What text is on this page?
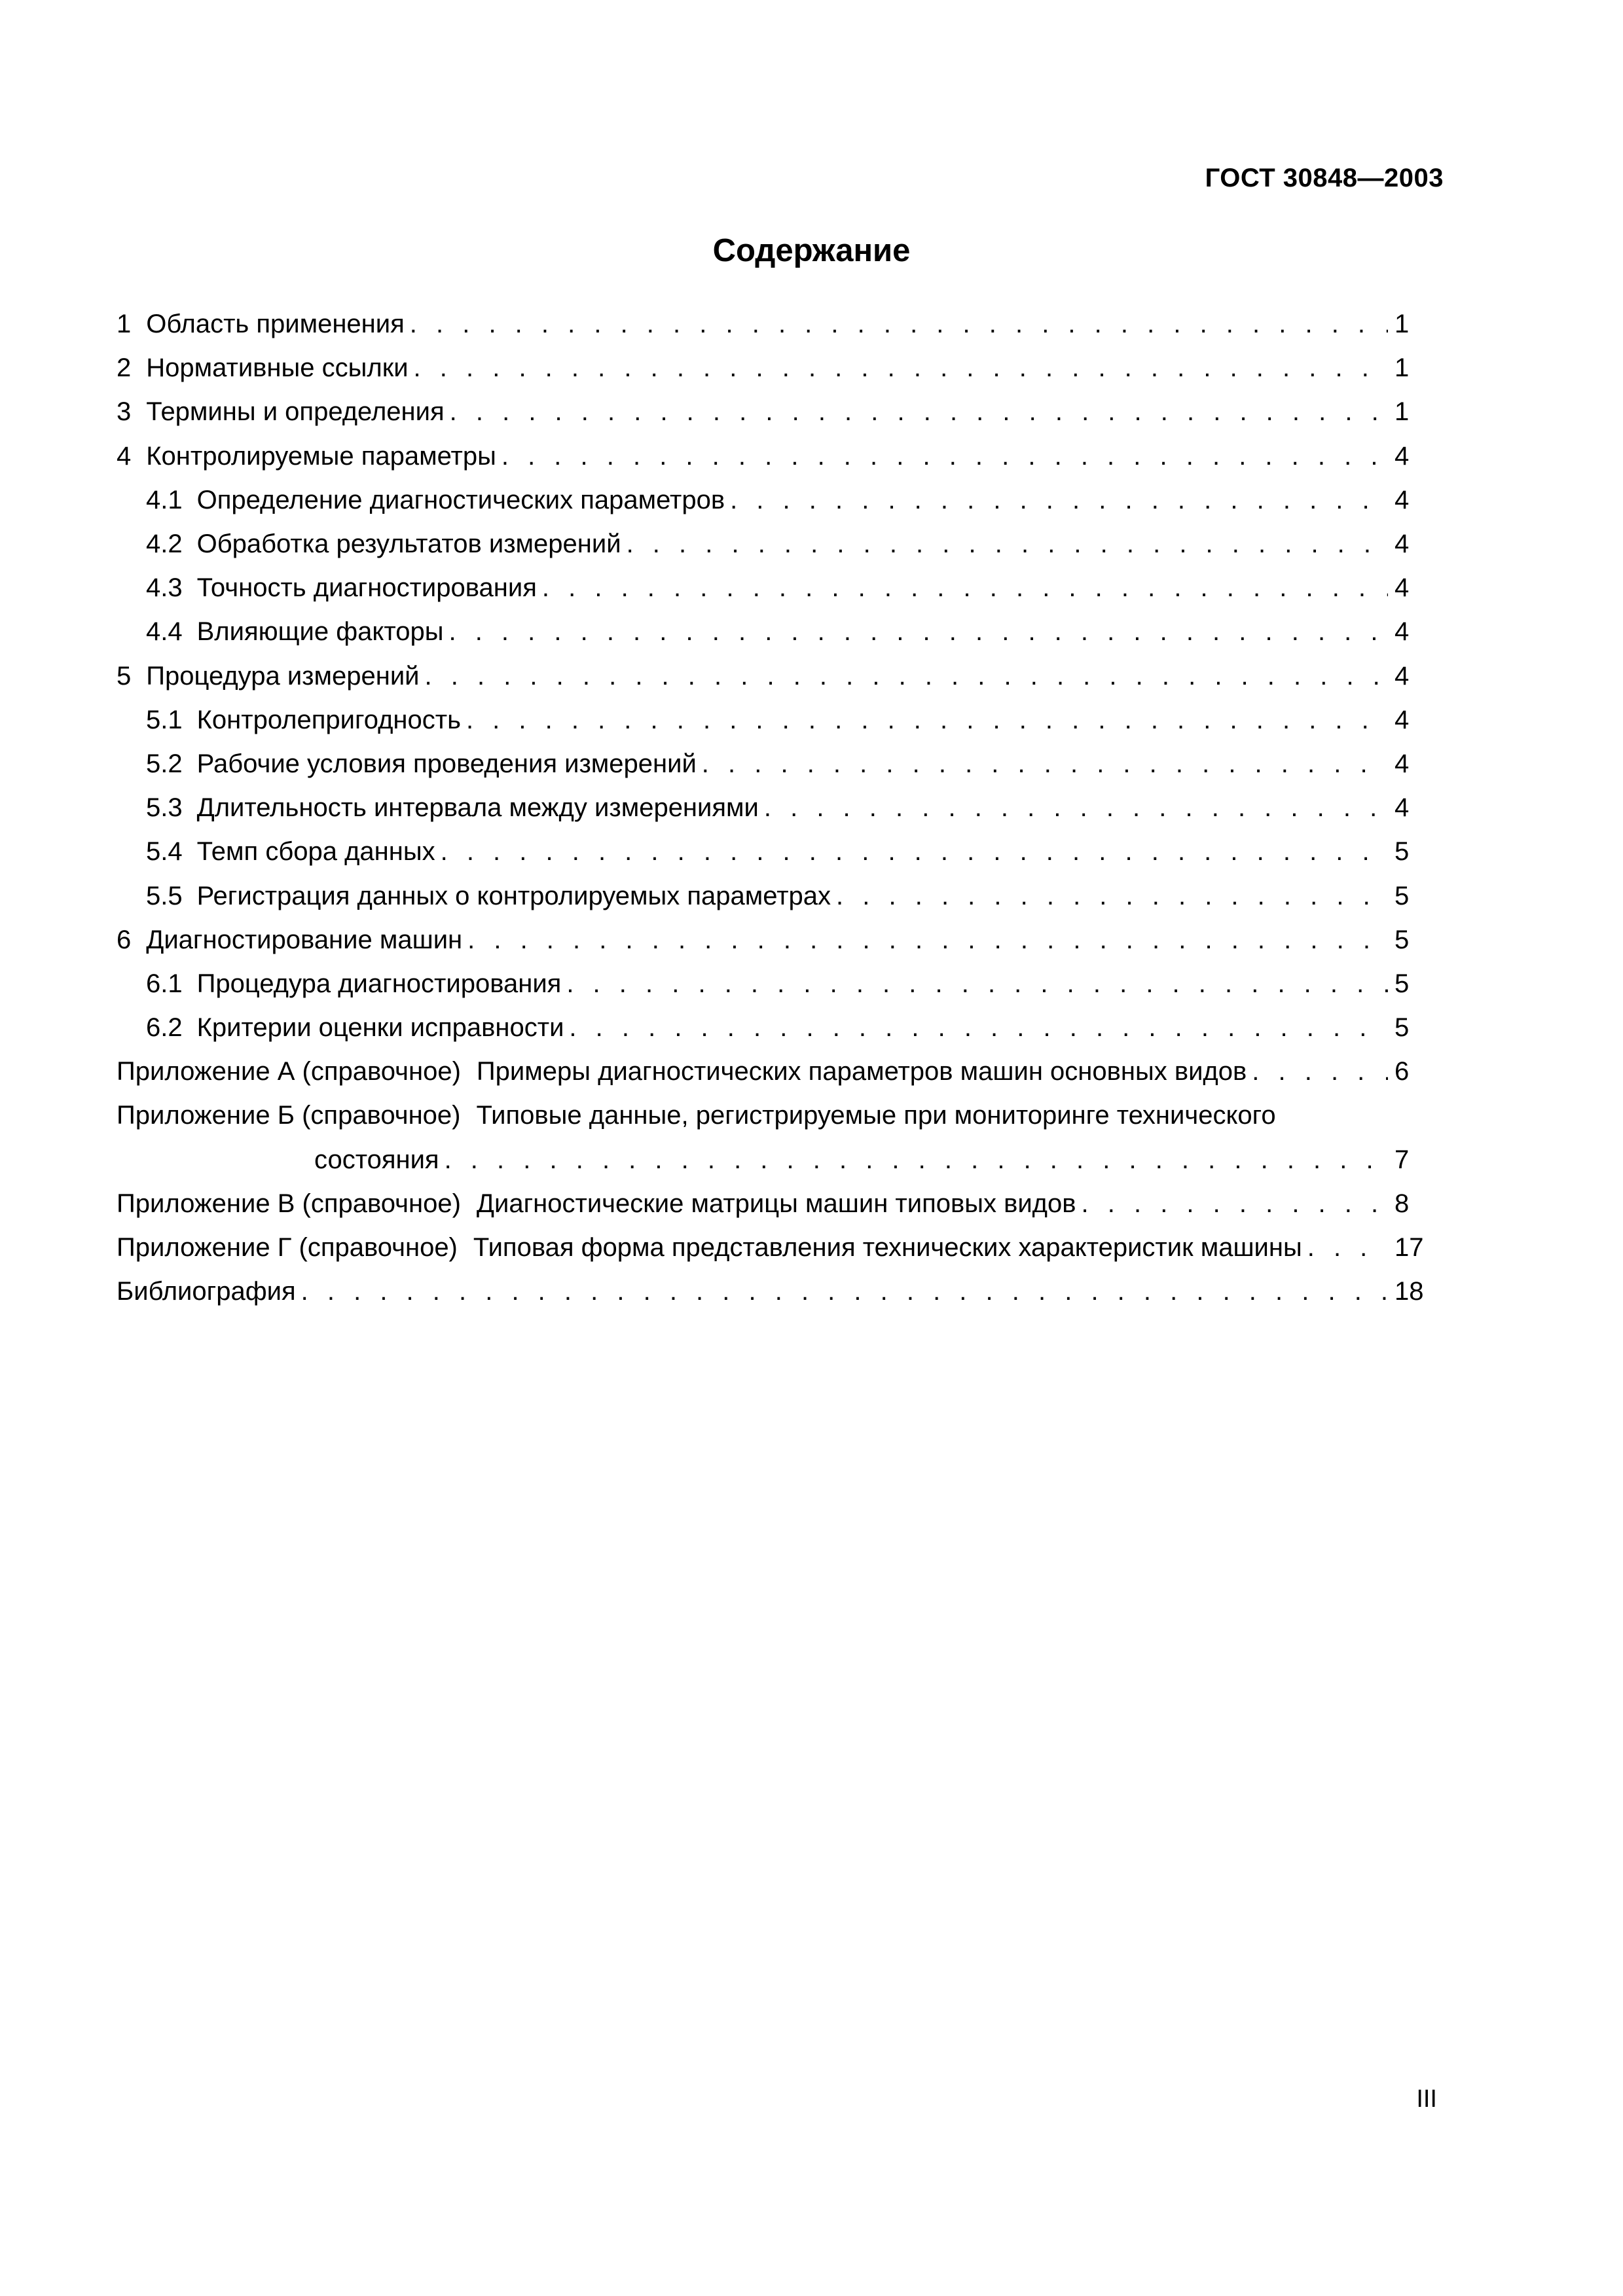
ГОСТ 30848—2003
Содержание
1 Область применения . . .	1
2 Нормативные ссылки . . .	1
3 Термины и определения . . .	1
4 Контролируемые параметры . . .	4
4.1 Определение диагностических параметров . . .	4
4.2 Обработка результатов измерений . . .	4
4.3 Точность диагностирования . . .	4
4.4 Влияющие факторы . . .	4
5 Процедура измерений . . .	4
5.1 Контролепригодность . . .	4
5.2 Рабочие условия проведения измерений . . .	4
5.3 Длительность интервала между измерениями . . .	4
5.4 Темп сбора данных . . .	5
5.5 Регистрация данных о контролируемых параметрах . . .	5
6 Диагностирование машин . . .	5
6.1 Процедура диагностирования . . .	5
6.2 Критерии оценки исправности . . .	5
Приложение А (справочное) Примеры диагностических параметров машин основных видов . . .	6
Приложение Б (справочное) Типовые данные, регистрируемые при мониторинге технического
состояния . . .	7
Приложение В (справочное) Диагностические матрицы машин типовых видов . . .	8
Приложение Г (справочное) Типовая форма представления технических характеристик машины . . .	17
Библиография . . .	18
III
